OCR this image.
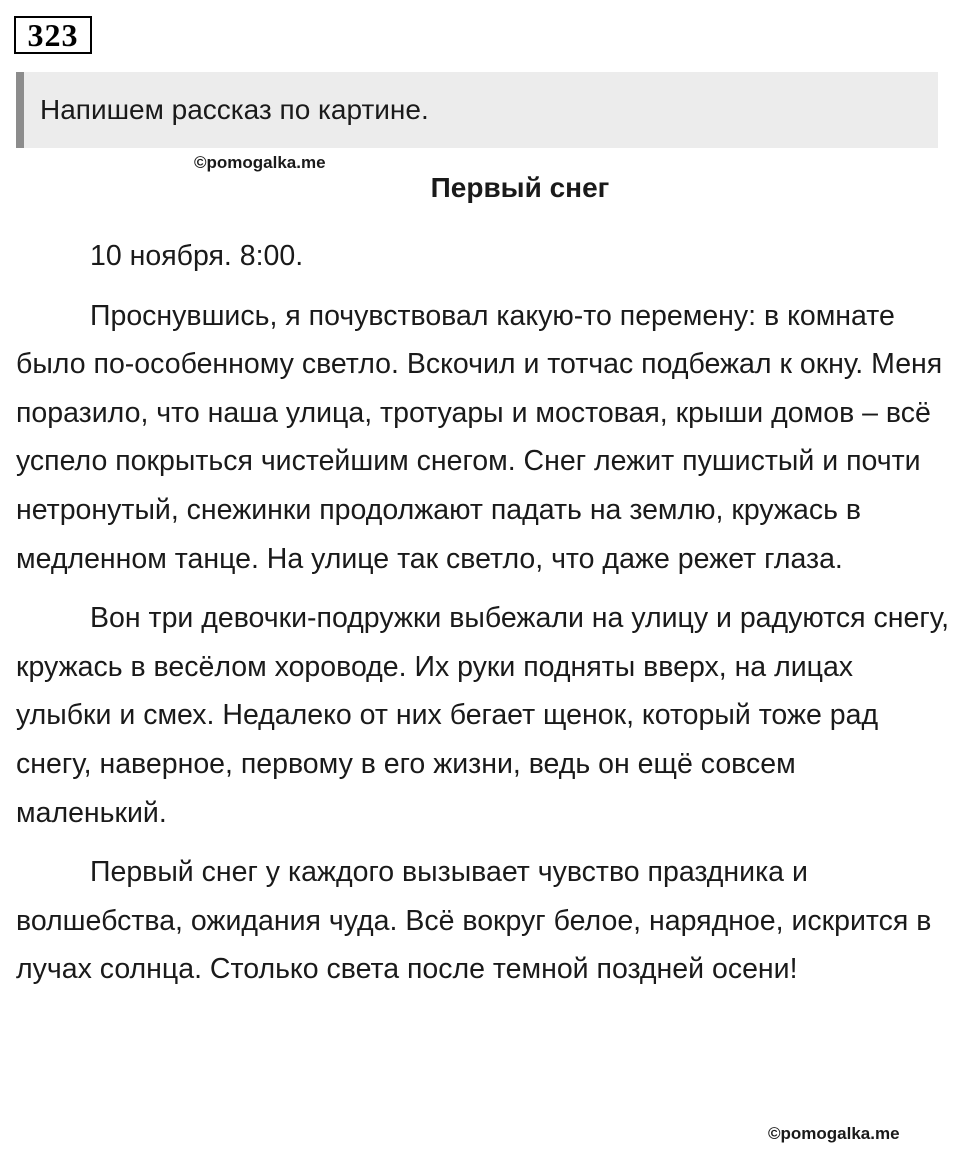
323
Напишем рассказ по картине.
©pomogalka.me
Первый снег

10 ноября. 8:00.

Проснувшись, я почувствовал какую-то перемену: в комнате было по-особенному светло. Вскочил и тотчас подбежал к окну. Меня поразило, что наша улица, тротуары и мостовая, крыши домов – всё успело покрыться чистейшим снегом. Снег лежит пушистый и почти нетронутый, снежинки продолжают падать на землю, кружась в медленном танце. На улице так светло, что даже режет глаза.

Вон три девочки-подружки выбежали на улицу и радуются снегу, кружась в весёлом хороводе. Их руки подняты вверх, на лицах улыбки и смех. Недалеко от них бегает щенок, который тоже рад снегу, наверное, первому в его жизни, ведь он ещё совсем маленький.

Первый снег у каждого вызывает чувство праздника и волшебства, ожидания чуда. Всё вокруг белое, нарядное, искрится в лучах солнца. Столько света после темной поздней осени!

©pomogalka.me
